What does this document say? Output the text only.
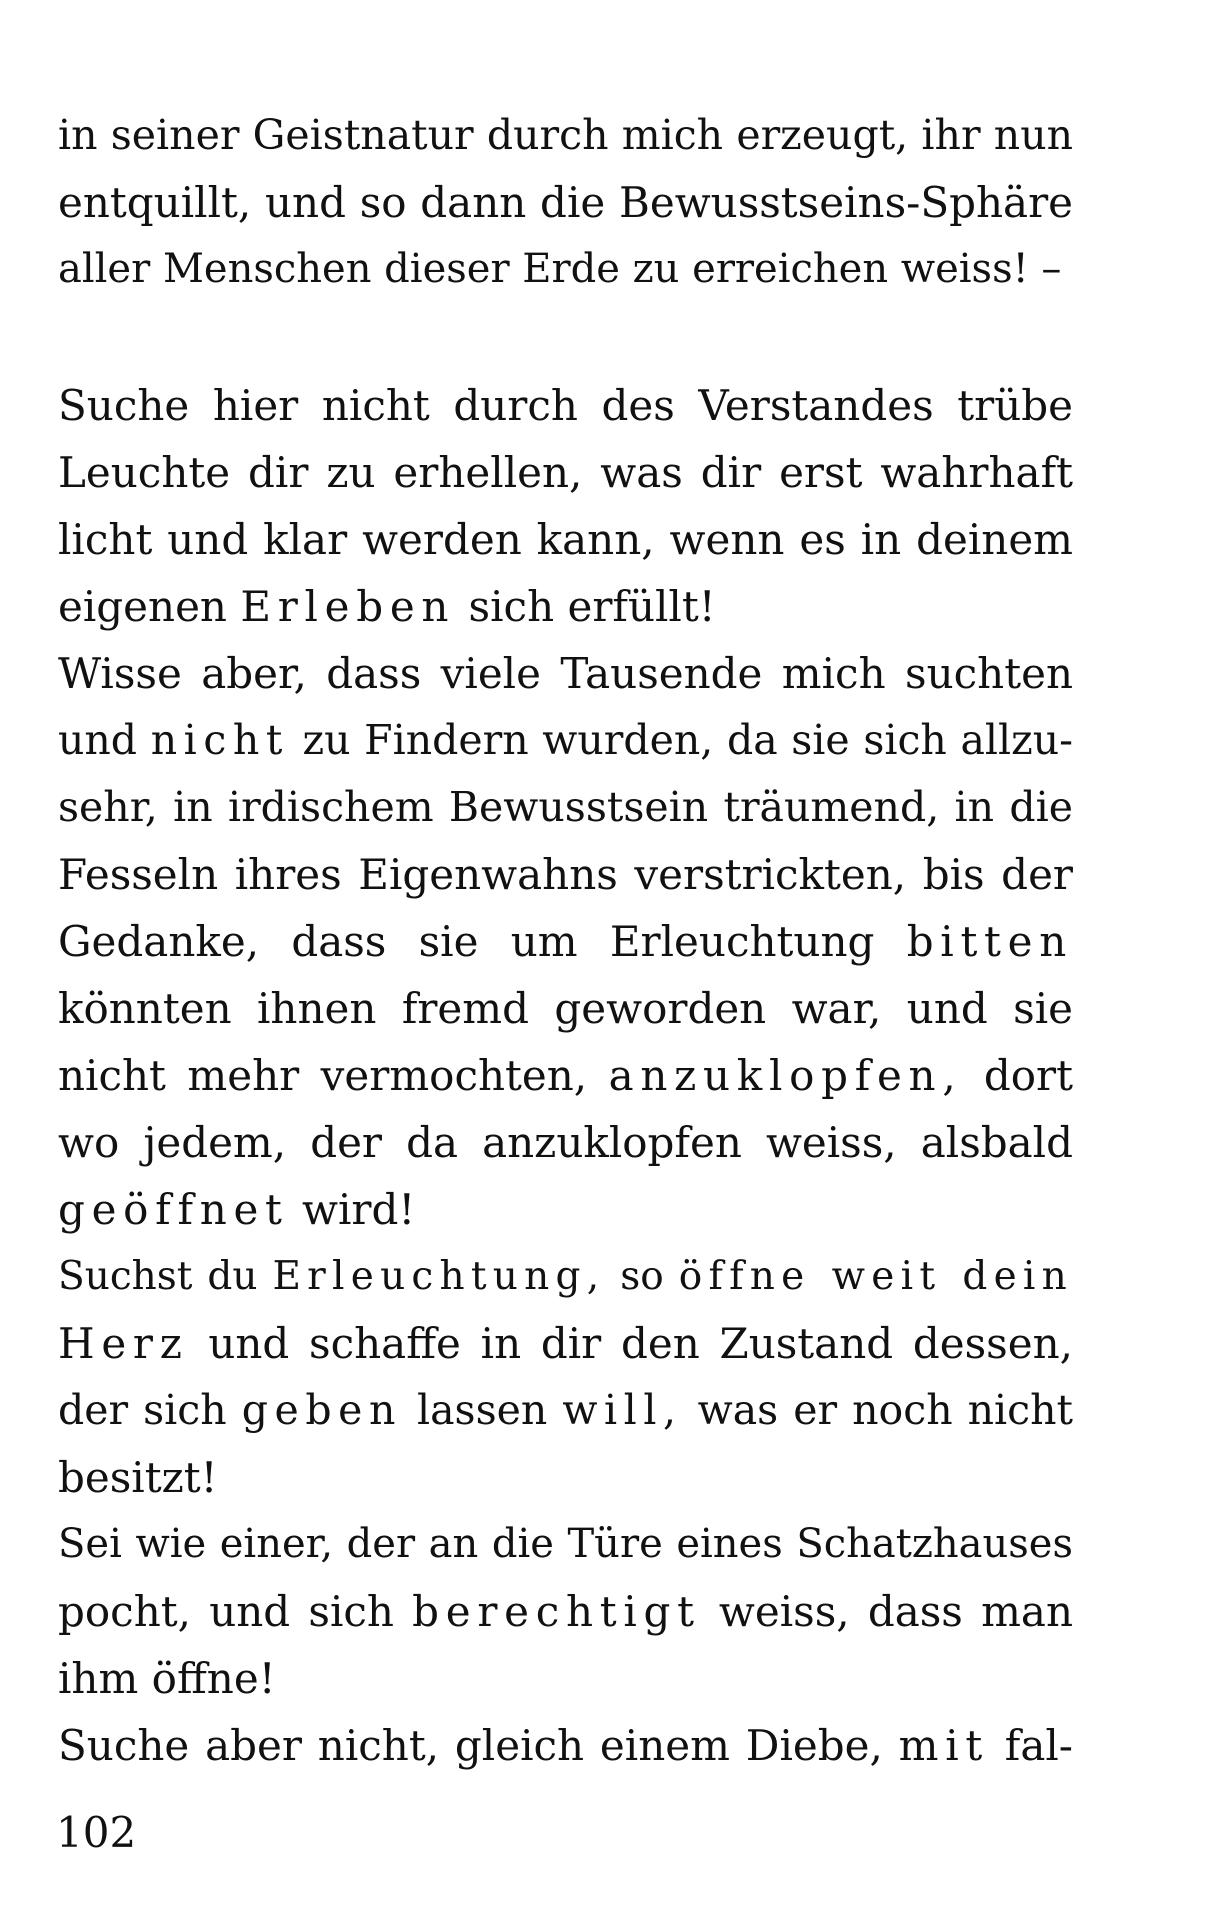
in seiner Geistnatur durch mich erzeugt, ihr nun
entquillt, und so dann die Bewusstseins-Sphäre
aller Menschen dieser Erde zu erreichen weiss! –
Suche hier nicht durch des Verstandes trübe
Leuchte dir zu erhellen, was dir erst wahrhaft
licht und klar werden kann, wenn es in deinem
eigenen Erleben sich erfüllt!
Wisse aber, dass viele Tausende mich suchten
und nicht zu Findern wurden, da sie sich allzu-
sehr, in irdischem Bewusstsein träumend, in die
Fesseln ihres Eigenwahns verstrickten, bis der
Gedanke, dass sie um Erleuchtung bitten
könnten ihnen fremd geworden war, und sie
nicht mehr vermochten, anzuklopfen, dort
wo jedem, der da anzuklopfen weiss, alsbald
geöffnet wird!
Suchst du Erleuchtung, so öffne weit dein
Herz und schaffe in dir den Zustand dessen,
der sich geben lassen will, was er noch nicht
besitzt!
Sei wie einer, der an die Türe eines Schatzhauses
pocht, und sich berechtigt weiss, dass man
ihm öffne!
Suche aber nicht, gleich einem Diebe, mit fal-
102
